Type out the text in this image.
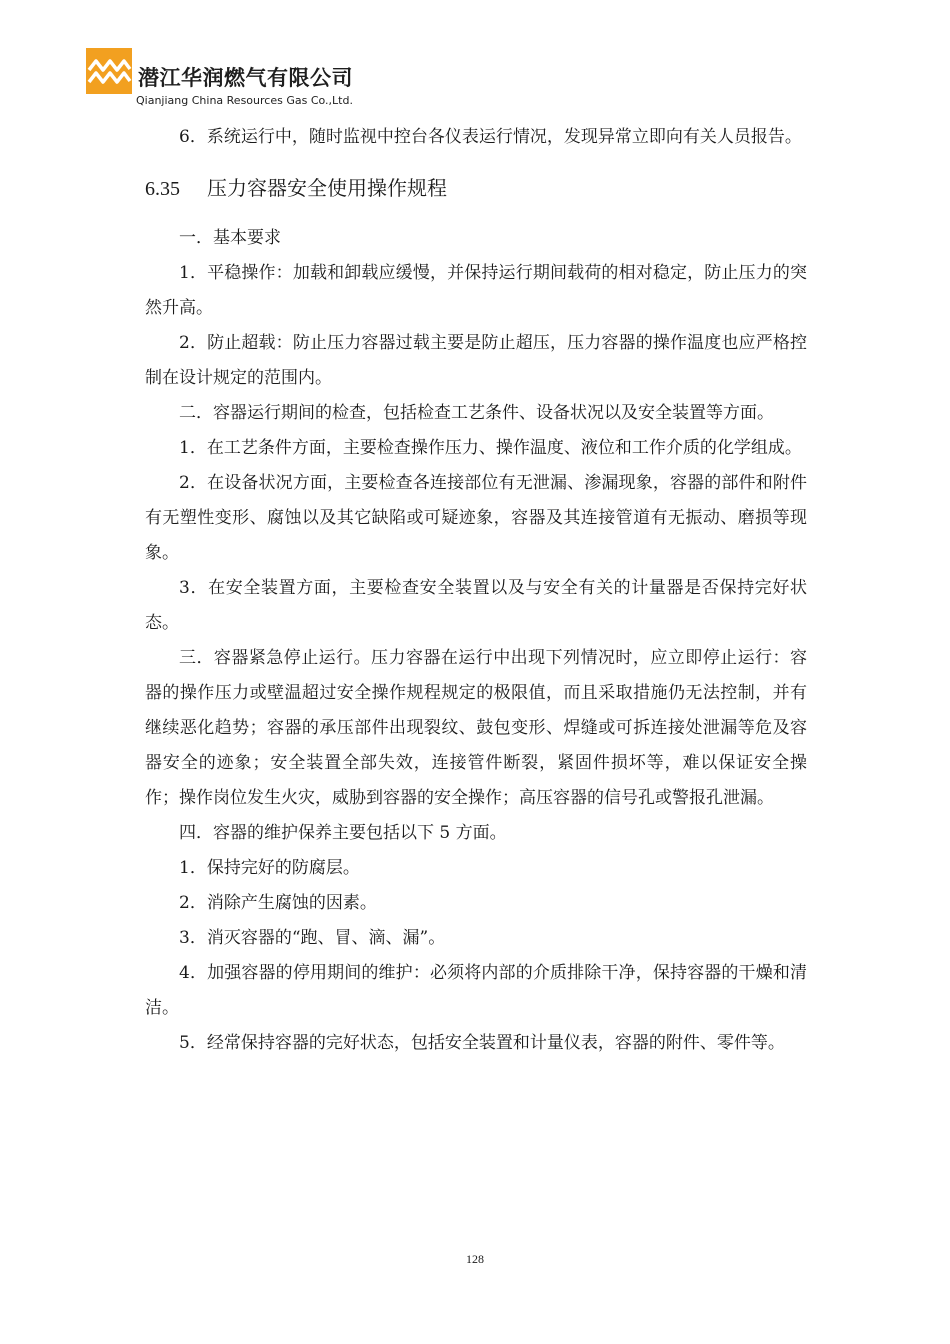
潜江华润燃气有限公司
Qianjiang China Resources Gas Co.,Ltd.

6．系统运行中，随时监视中控台各仪表运行情况，发现异常立即向有关人员报告。

6.35 压力容器安全使用操作规程

一．基本要求

1．平稳操作：加载和卸载应缓慢，并保持运行期间载荷的相对稳定，防止压力的突然升高。

2．防止超载：防止压力容器过载主要是防止超压，压力容器的操作温度也应严格控制在设计规定的范围内。

二．容器运行期间的检查，包括检查工艺条件、设备状况以及安全装置等方面。

1．在工艺条件方面，主要检查操作压力、操作温度、液位和工作介质的化学组成。

2．在设备状况方面，主要检查各连接部位有无泄漏、渗漏现象，容器的部件和附件有无塑性变形、腐蚀以及其它缺陷或可疑迹象，容器及其连接管道有无振动、磨损等现象。

3．在安全装置方面，主要检查安全装置以及与安全有关的计量器是否保持完好状态。

三．容器紧急停止运行。压力容器在运行中出现下列情况时，应立即停止运行：容器的操作压力或壁温超过安全操作规程规定的极限值，而且采取措施仍无法控制，并有继续恶化趋势；容器的承压部件出现裂纹、鼓包变形、焊缝或可拆连接处泄漏等危及容器安全的迹象；安全装置全部失效，连接管件断裂，紧固件损坏等，难以保证安全操作；操作岗位发生火灾，威胁到容器的安全操作；高压容器的信号孔或警报孔泄漏。

四．容器的维护保养主要包括以下 5 方面。

1．保持完好的防腐层。

2．消除产生腐蚀的因素。

3．消灭容器的“跑、冒、滴、漏”。

4．加强容器的停用期间的维护：必须将内部的介质排除干净，保持容器的干燥和清洁。

5．经常保持容器的完好状态，包括安全装置和计量仪表，容器的附件、零件等。

128
